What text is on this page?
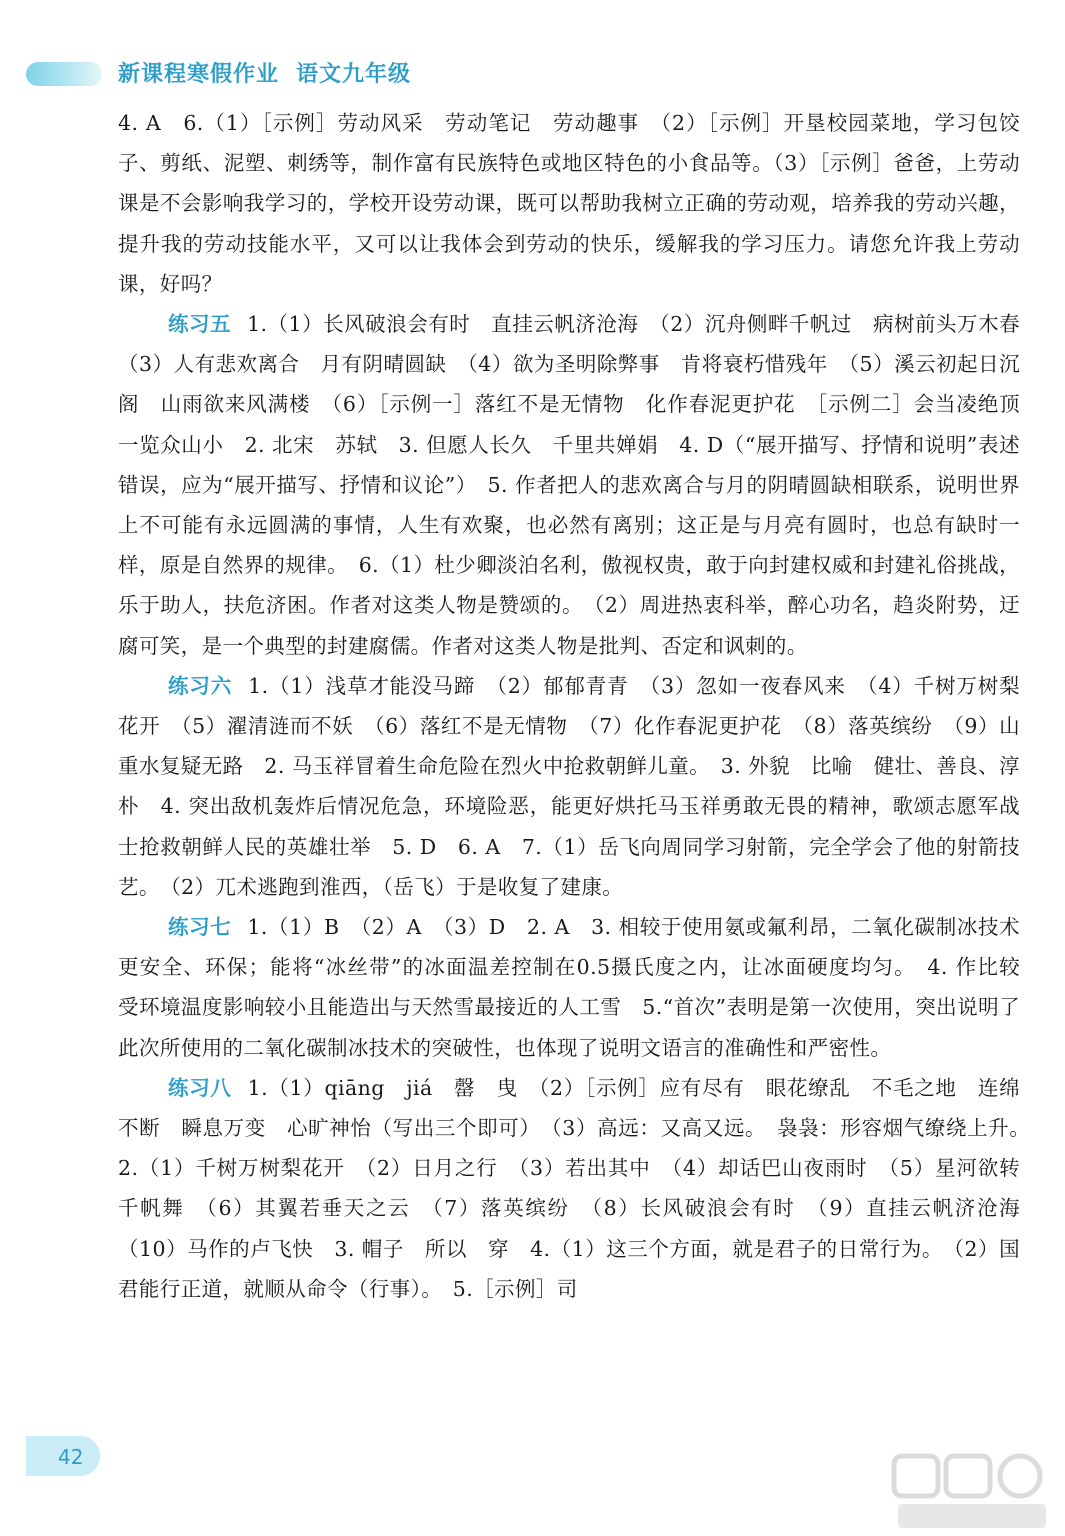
新课程寒假作业 语文九年级

4. A　6.（1）［示例］劳动风采　劳动笔记　劳动趣事　（2）［示例］开垦校园菜地，学习包饺子、剪纸、泥塑、刺绣等，制作富有民族特色或地区特色的小食品等。（3）［示例］爸爸，上劳动课是不会影响我学习的，学校开设劳动课，既可以帮助我树立正确的劳动观，培养我的劳动兴趣，提升我的劳动技能水平，又可以让我体会到劳动的快乐，缓解我的学习压力。请您允许我上劳动课，好吗？

练习五 1.（1）长风破浪会有时　直挂云帆济沧海　（2）沉舟侧畔千帆过　病树前头万木春　（3）人有悲欢离合　月有阴晴圆缺　（4）欲为圣明除弊事　肯将衰朽惜残年　（5）溪云初起日沉阁　山雨欲来风满楼　（6）［示例一］落红不是无情物　化作春泥更护花　［示例二］会当凌绝顶　一览众山小　2. 北宋　苏轼　3. 但愿人长久　千里共婵娟　4. D（“展开描写、抒情和说明”表述错误，应为“展开描写、抒情和议论”）　5. 作者把人的悲欢离合与月的阴晴圆缺相联系，说明世界上不可能有永远圆满的事情，人生有欢聚，也必然有离别；这正是与月亮有圆时，也总有缺时一样，原是自然界的规律。　6.（1）杜少卿淡泊名利，傲视权贵，敢于向封建权威和封建礼俗挑战，乐于助人，扶危济困。作者对这类人物是赞颂的。　（2）周进热衷科举，醉心功名，趋炎附势，迂腐可笑，是一个典型的封建腐儒。作者对这类人物是批判、否定和讽刺的。

练习六 1.（1）浅草才能没马蹄　（2）郁郁青青　（3）忽如一夜春风来　（4）千树万树梨花开　（5）濯清涟而不妖　（6）落红不是无情物　（7）化作春泥更护花　（8）落英缤纷　（9）山重水复疑无路　2. 马玉祥冒着生命危险在烈火中抢救朝鲜儿童。　3. 外貌　比喻　健壮、善良、淳朴　4. 突出敌机轰炸后情况危急，环境险恶，能更好烘托马玉祥勇敢无畏的精神，歌颂志愿军战士抢救朝鲜人民的英雄壮举　5. D　6. A　7.（1）岳飞向周同学习射箭，完全学会了他的射箭技艺。　（2）兀术逃跑到淮西，（岳飞）于是收复了建康。

练习七 1.（1）B　（2）A　（3）D　2. A　3. 相较于使用氨或氟利昂，二氧化碳制冰技术更安全、环保；能将“冰丝带”的冰面温差控制在0.5摄氏度之内，让冰面硬度均匀。　4. 作比较　受环境温度影响较小且能造出与天然雪最接近的人工雪　5.“首次”表明是第一次使用，突出说明了此次所使用的二氧化碳制冰技术的突破性，也体现了说明文语言的准确性和严密性。

练习八 1.（1）qiāng　jiá　罄　曳　（2）［示例］应有尽有　眼花缭乱　不毛之地　连绵不断　瞬息万变　心旷神怡（写出三个即可）　（3）高远：又高又远。　袅袅：形容烟气缭绕上升。　2.（1）千树万树梨花开　（2）日月之行　（3）若出其中　（4）却话巴山夜雨时　（5）星河欲转千帆舞　（6）其翼若垂天之云　（7）落英缤纷　（8）长风破浪会有时　（9）直挂云帆济沧海　（10）马作的卢飞快　3. 帽子　所以　穿　4.（1）这三个方面，就是君子的日常行为。　（2）国君能行正道，就顺从命令（行事）。　5.［示例］司

42
